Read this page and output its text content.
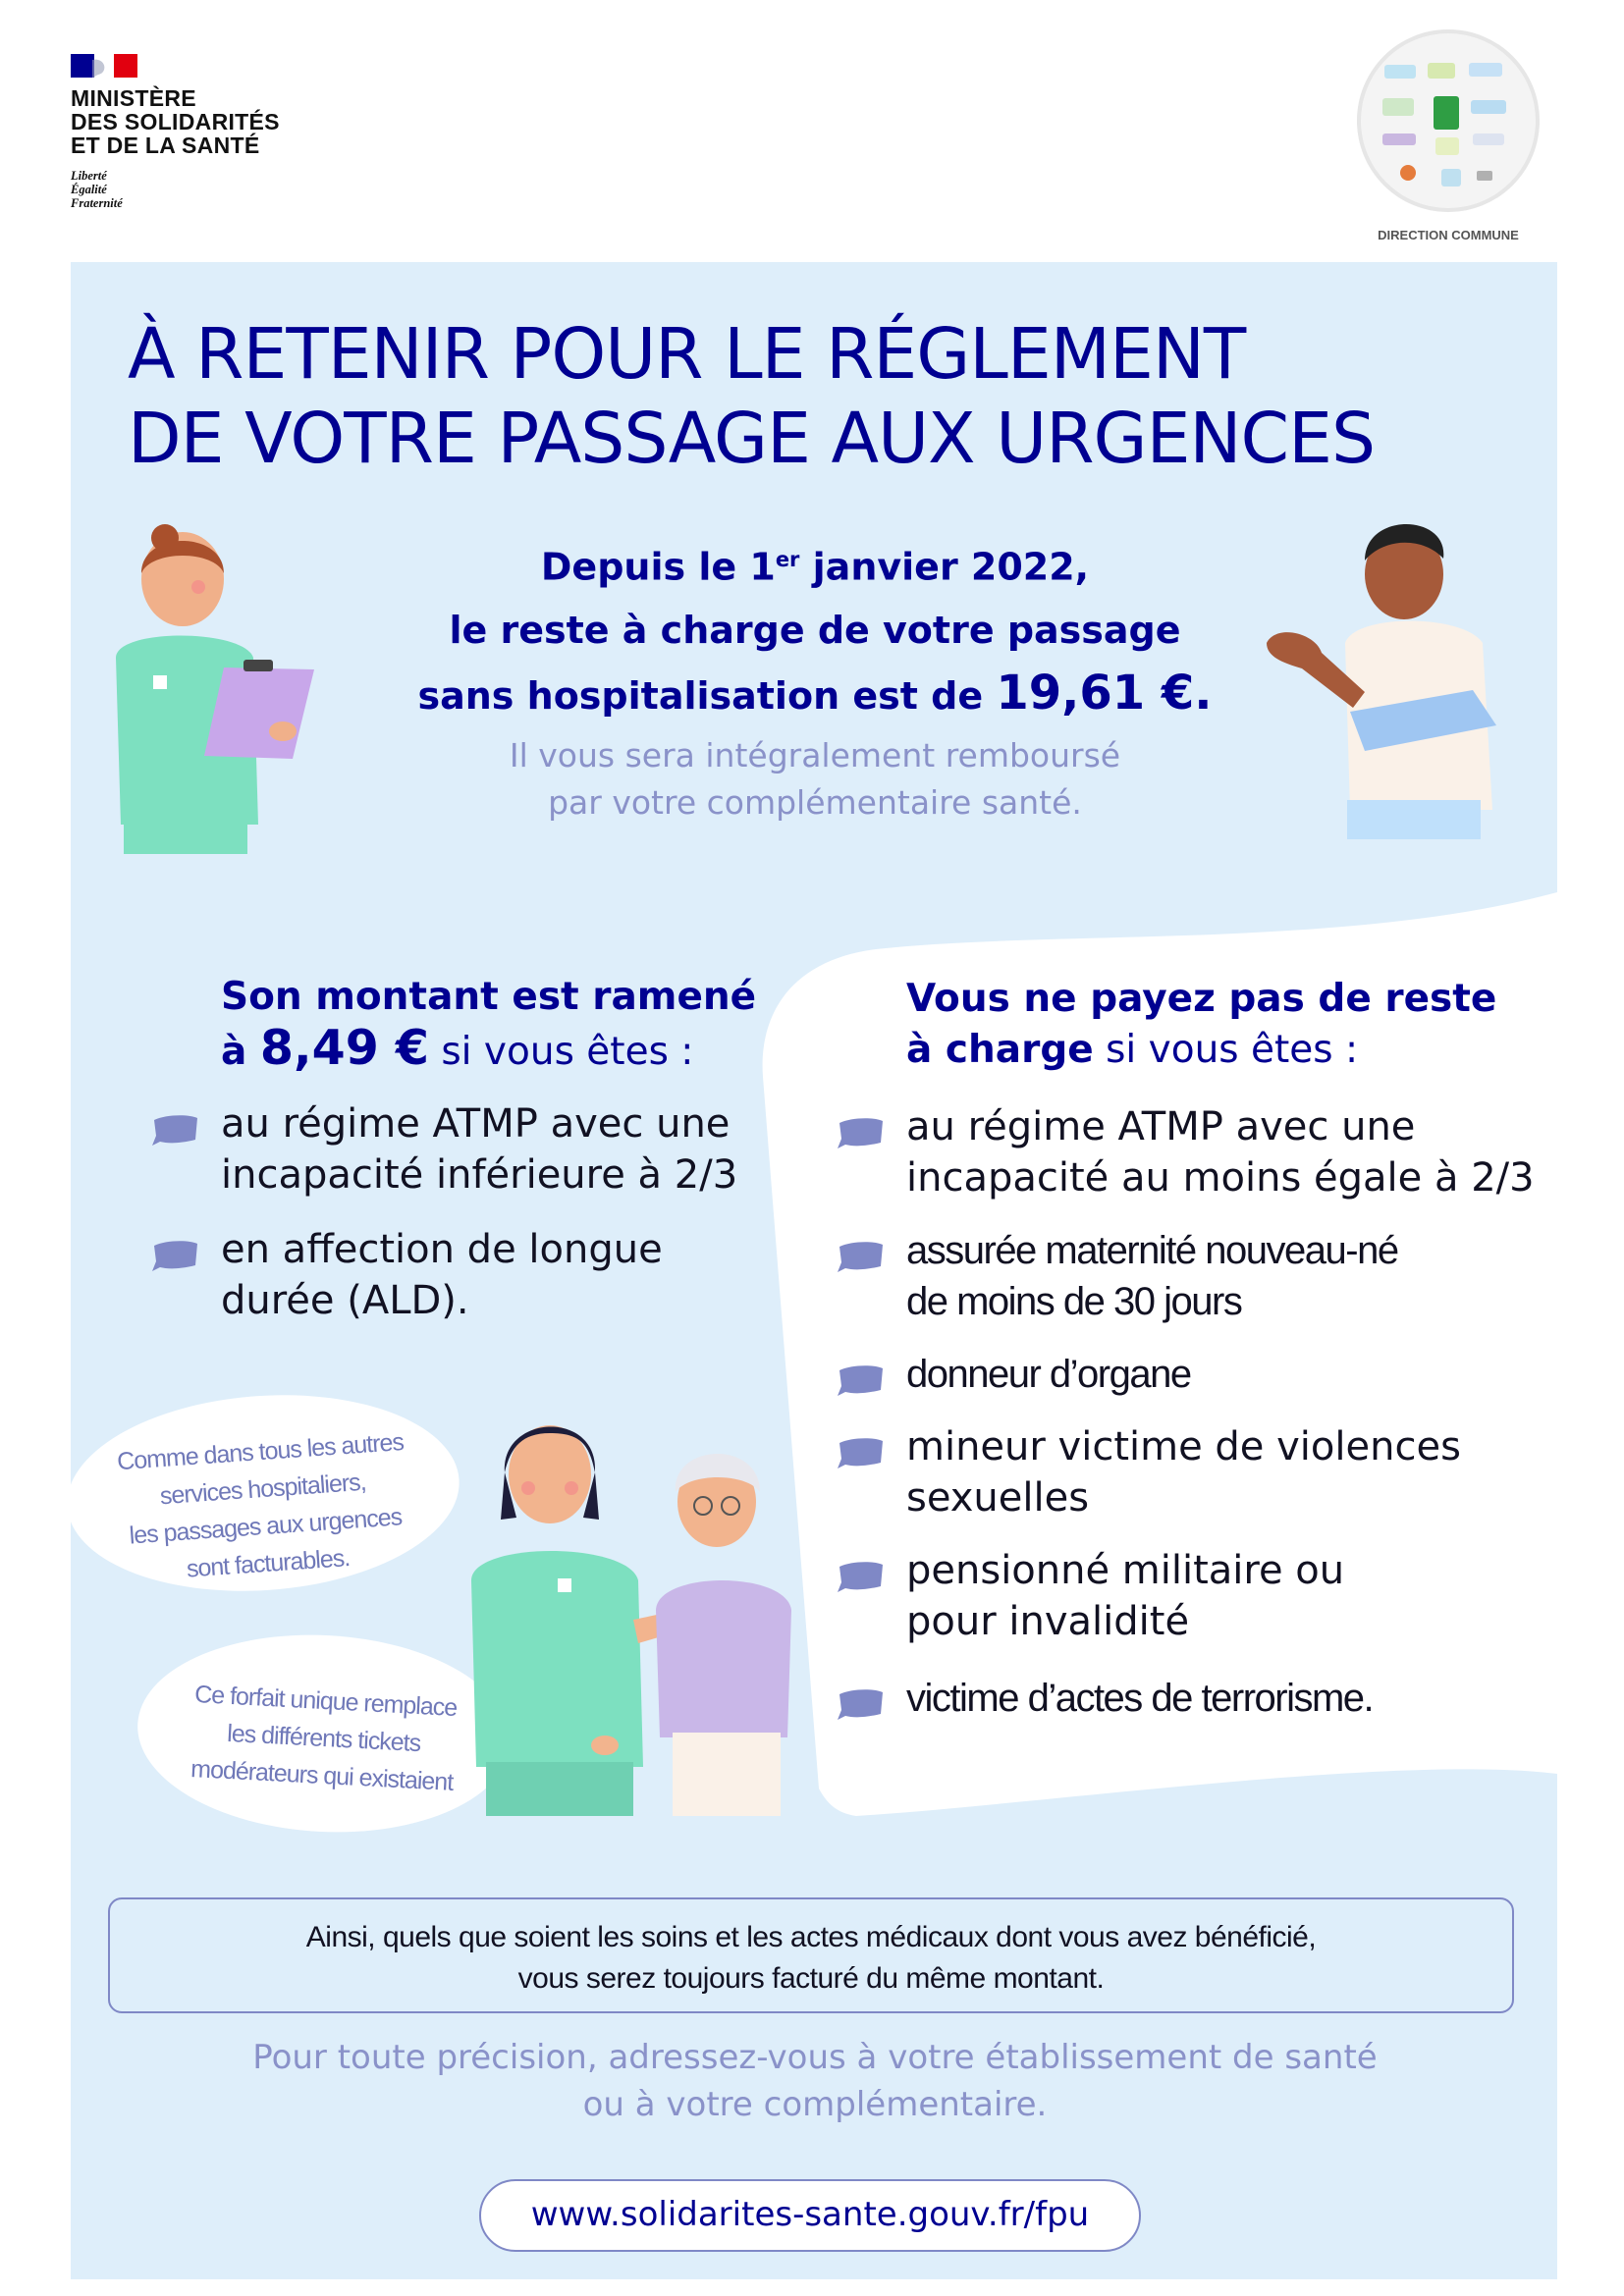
MINISTÈRE
DES SOLIDARITÉS
ET DE LA SANTÉ
Liberté
Égalité
Fraternité
DIRECTION COMMUNE
À RETENIR POUR LE RÉGLEMENT
DE VOTRE PASSAGE AUX URGENCES
Depuis le 1er janvier 2022,
le reste à charge de votre passage
sans hospitalisation est de 19,61 €.
Il vous sera intégralement remboursé
par votre complémentaire santé.
Son montant est ramené
à 8,49 € si vous êtes :
au régime ATMP avec une
incapacité inférieure à 2/3
en affection de longue
durée (ALD).
Vous ne payez pas de reste
à charge si vous êtes :
au régime ATMP avec une
incapacité au moins égale à 2/3
assurée maternité nouveau-né
de moins de 30 jours
donneur d’organe
mineur victime de violences
sexuelles
pensionné militaire ou
pour invalidité
victime d’actes de terrorisme.
Comme dans tous les autres
services hospitaliers,
les passages aux urgences
sont facturables.
Ce forfait unique remplace
les différents tickets
modérateurs qui existaient
Ainsi, quels que soient les soins et les actes médicaux dont vous avez bénéficié,
vous serez toujours facturé du même montant.
Pour toute précision, adressez-vous à votre établissement de santé
ou à votre complémentaire.
www.solidarites-sante.gouv.fr/fpu
